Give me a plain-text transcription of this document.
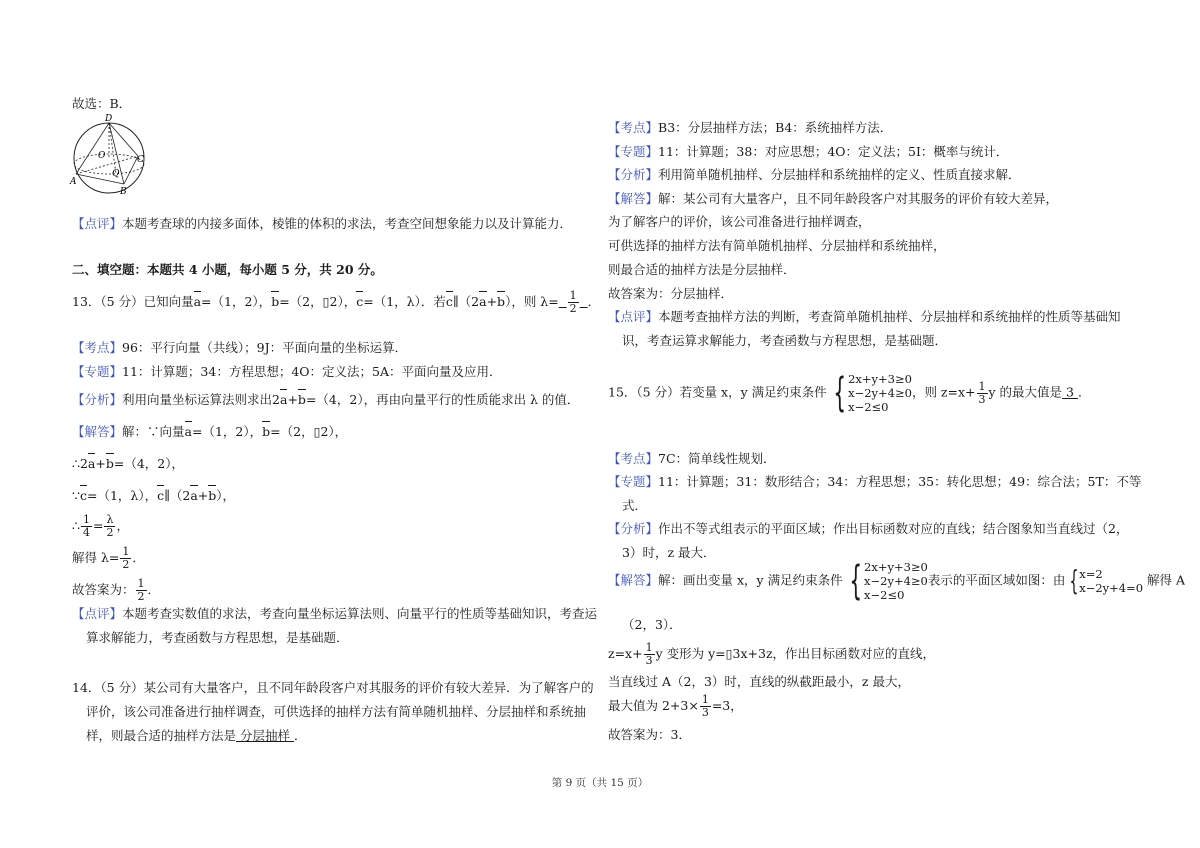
故选：B．
D
O	C
A
B
Q
【点评】本题考查球的内接多面体，棱锥的体积的求法，考查空间想象能力以及计算能力．
二、填空题：本题共 4 小题，每小题 5 分，共 20 分。
13．（5 分）已知向量a=（1，2），b=（2，▯2），c=（1，λ）．若c∥（2a+b），则 $\lambda= \frac{1}{2}$ ．
【考点】96：平行向量（共线）；9J：平面向量的坐标运算．
【专题】11：计算题；34：方程思想；4O：定义法；5A：平面向量及应用．
【分析】利用向量坐标运算法则求出2a+b=（4，2），再由向量平行的性质能求出 λ 的值．
【解答】解：∵向量a=（1，2），b=（2，▯2），
∴2a+b=（4，2），
∵c=（1，λ），c∥（2a+b），
∴ $\frac{1}{4} = \frac{\lambda}{2}$ ，
解得 $\lambda= \frac{1}{2}$ ．
故答案为： $\frac{1}{2}$ ．
【点评】本题考查实数值的求法，考查向量坐标运算法则、向量平行的性质等基础知识，考查运
算求解能力，考查函数与方程思想，是基础题．
14．（5 分）某公司有大量客户，且不同年龄段客户对其服务的评价有较大差异．为了解客户的
评价，该公司准备进行抽样调查，可供选择的抽样方法有简单随机抽样、分层抽样和系统抽
样，则最合适的抽样方法是 分层抽样 ．
【考点】B3：分层抽样方法；B4：系统抽样方法．
【专题】11：计算题；38：对应思想；4O：定义法；5I：概率与统计．
【分析】利用简单随机抽样、分层抽样和系统抽样的定义、性质直接求解．
【解答】解：某公司有大量客户，且不同年龄段客户对其服务的评价有较大差异，
为了解客户的评价，该公司准备进行抽样调查，
可供选择的抽样方法有简单随机抽样、分层抽样和系统抽样，
则最合适的抽样方法是分层抽样．
故答案为：分层抽样．
【点评】本题考查抽样方法的判断，考查简单随机抽样、分层抽样和系统抽样的性质等基础知
识，考查运算求解能力，考查函数与方程思想，是基础题．
15．（5 分）若变量 x，y 满足约束条件 { 2x+y+3≥0
x−2y+4≥0
x−2≤0
，则 $z=x+ \frac{1}{3}$ y 的最大值是 3 ．
【考点】7C：简单线性规划．
【专题】11：计算题；31：数形结合；34：方程思想；35：转化思想；49：综合法；5T：不等
式．
【分析】作出不等式组表示的平面区域；作出目标函数对应的直线；结合图象知当直线过（2，
3）时，z 最大．
【解答】解：画出变量 x，y 满足约束条件 { 2x+y+3≥0
x−2y+4≥0
x−2≤0
表示的平面区域如图：由 { x=2
x−2y+4=0
解得 A
（2，3）．
$z=x+ \frac{1}{3}$ y 变形为 y=▯3x+3z，作出目标函数对应的直线，
当直线过 A（2，3）时，直线的纵截距最小，z 最大，
最大值为 $2+3\times \frac{1}{3} =3$，
故答案为：3．
第 9 页（共 15 页）
